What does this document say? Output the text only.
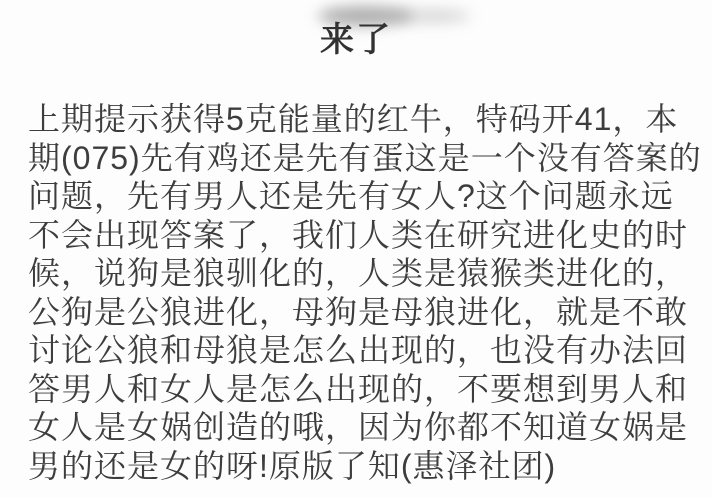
来了
上期提示获得5克能量的红牛，特码开41，本
期(075)先有鸡还是先有蛋这是一个没有答案的
问题，先有男人还是先有女人?这个问题永远
不会出现答案了，我们人类在研究进化史的时
候，说狗是狼驯化的，人类是猿猴类进化的，
公狗是公狼进化，母狗是母狼进化，就是不敢
讨论公狼和母狼是怎么出现的，也没有办法回
答男人和女人是怎么出现的，不要想到男人和
女人是女娲创造的哦，因为你都不知道女娲是
男的还是女的呀!原版了知(惠泽社团)
